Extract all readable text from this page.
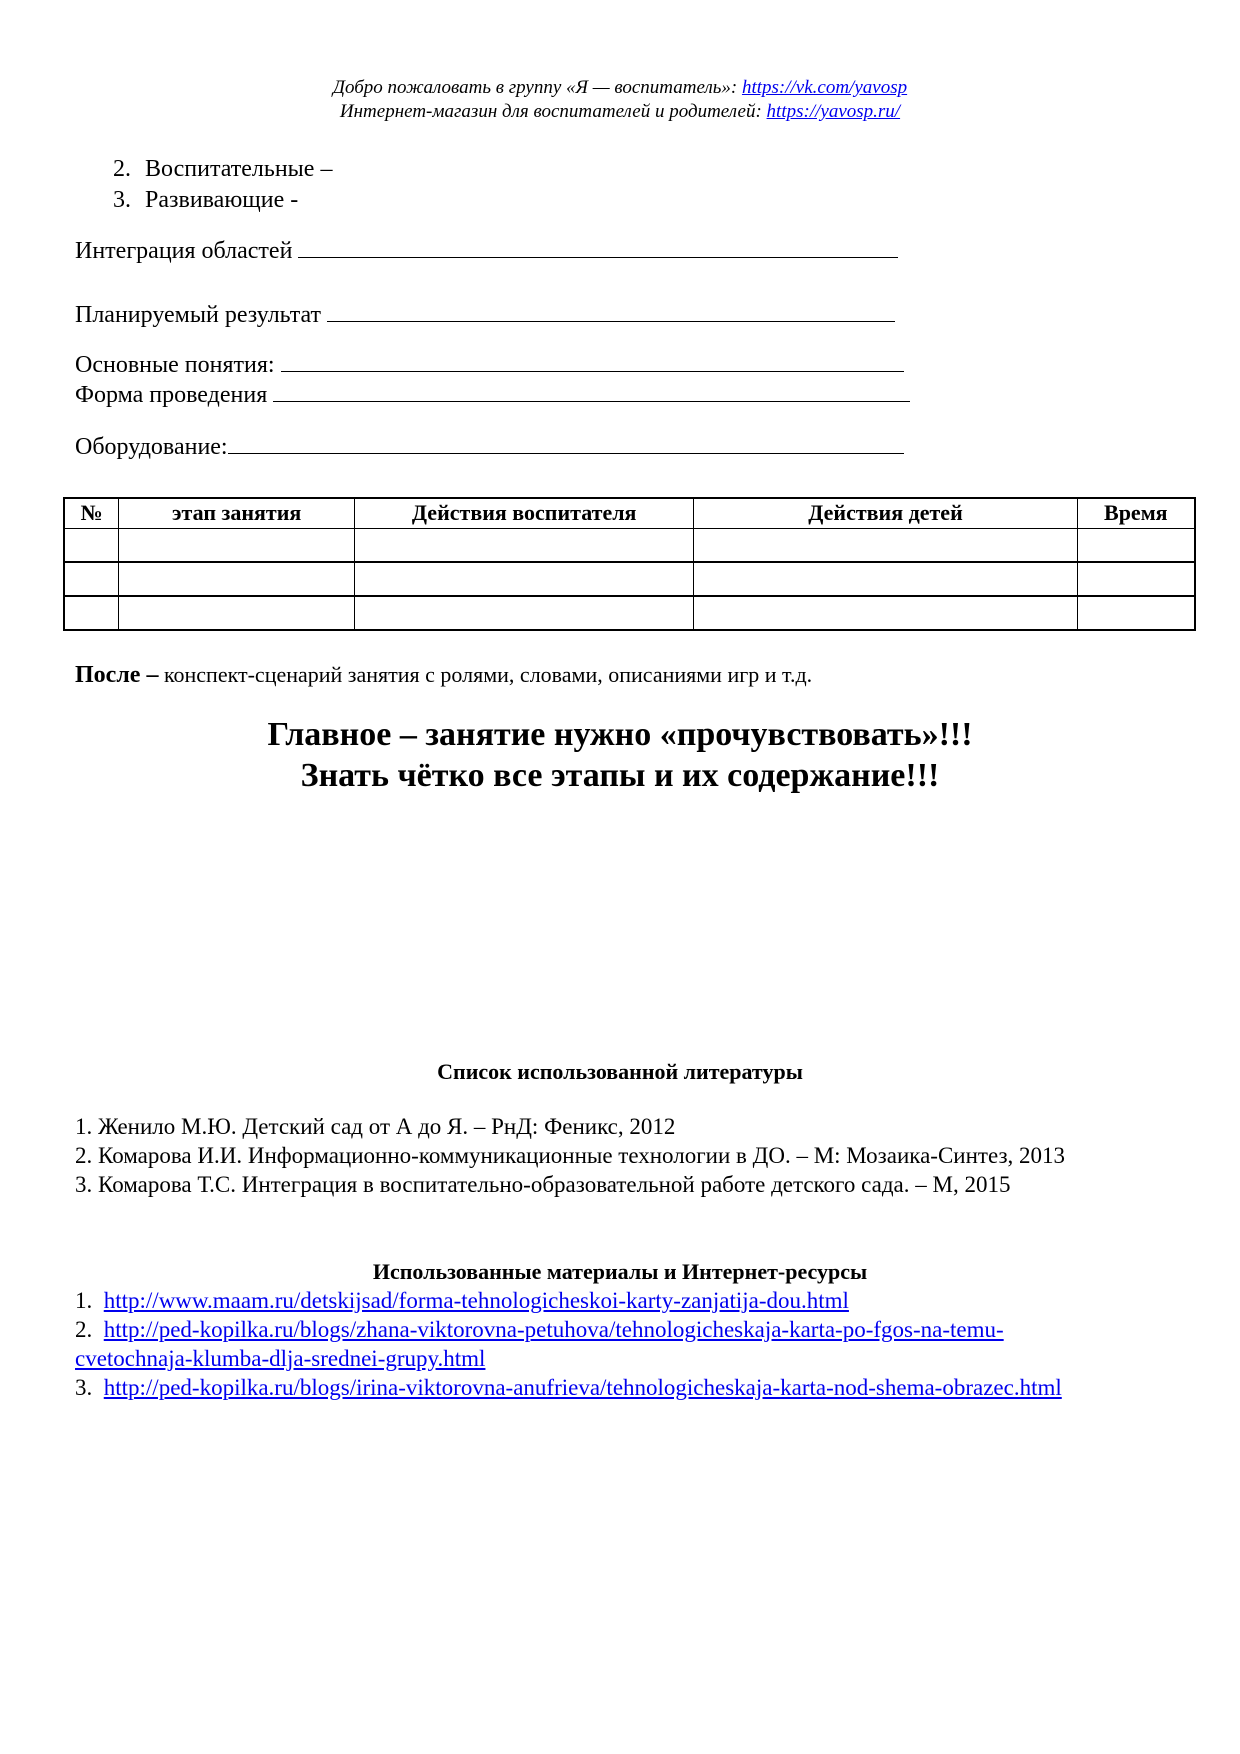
Добро пожаловать в группу «Я — воспитатель»: https://vk.com/yavosp
Интернет-магазин для воспитателей и родителей: https://yavosp.ru/
2. Воспитательные –
3. Развивающие -
Интеграция областей
Планируемый результат
Основные понятия:
Форма проведения
Оборудование:
№	этап занятия	Действия воспитателя	Действия детей	Время

После – конспект-сценарий занятия с ролями, словами, описаниями игр и т.д.
Главное – занятие нужно «прочувствовать»!!!
Знать чётко все этапы и их содержание!!!
Список использованной литературы
1. Женило М.Ю. Детский сад от А до Я. – РнД: Феникс, 2012
2. Комарова И.И. Информационно-коммуникационные технологии в ДО. – М: Мозаика-Синтез, 2013
3. Комарова Т.С. Интеграция в воспитательно-образовательной работе детского сада. – М, 2015
Использованные материалы и Интернет-ресурсы
1. http://www.maam.ru/detskijsad/forma-tehnologicheskoi-karty-zanjatija-dou.html
2. http://ped-kopilka.ru/blogs/zhana-viktorovna-petuhova/tehnologicheskaja-karta-po-fgos-na-temu-
cvetochnaja-klumba-dlja-srednei-grupy.html
3. http://ped-kopilka.ru/blogs/irina-viktorovna-anufrieva/tehnologicheskaja-karta-nod-shema-obrazec.html
